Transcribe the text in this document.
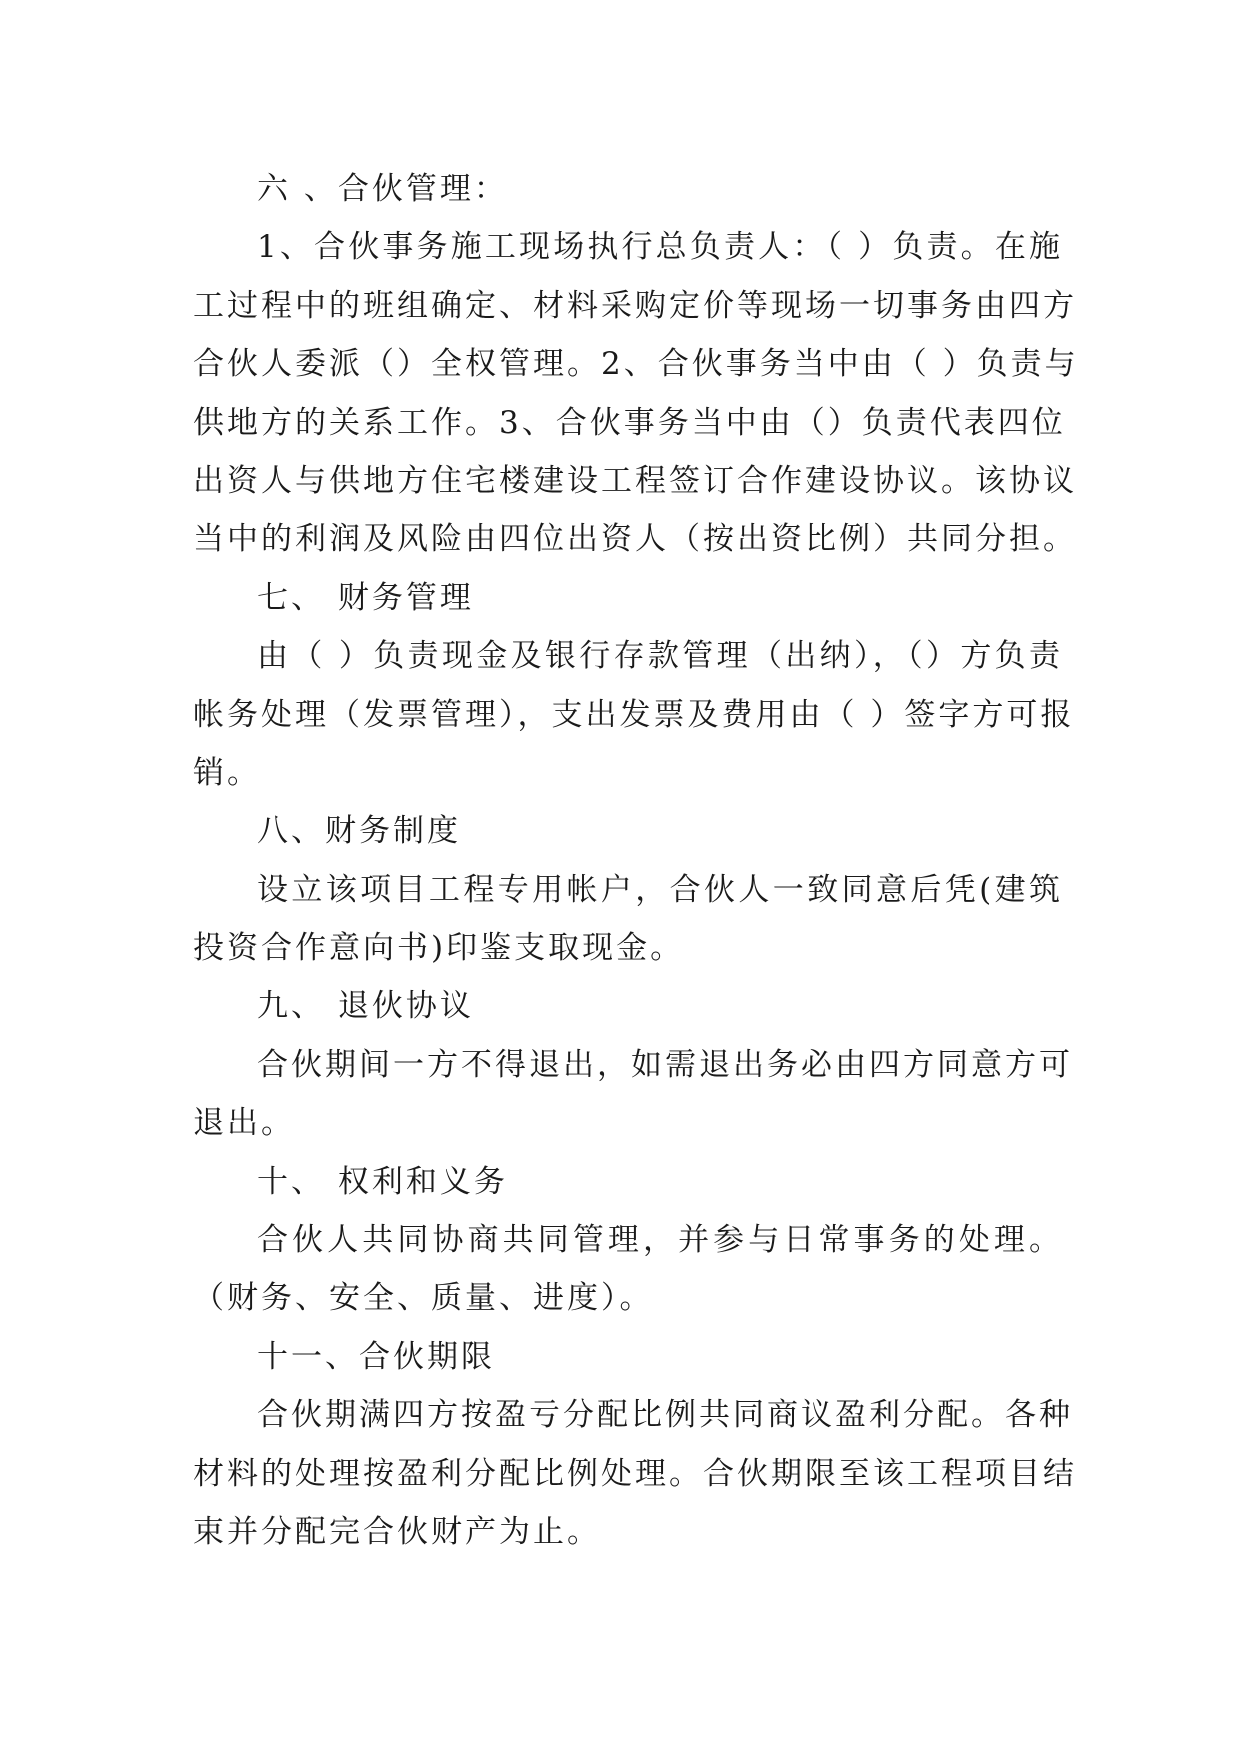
六 、合伙管理：
1、合伙事务施工现场执行总负责人：（ ）负责。在施
工过程中的班组确定、材料采购定价等现场一切事务由四方
合伙人委派（）全权管理。2、合伙事务当中由（ ）负责与
供地方的关系工作。3、合伙事务当中由（）负责代表四位
出资人与供地方住宅楼建设工程签订合作建设协议。该协议
当中的利润及风险由四位出资人（按出资比例）共同分担。
七、 财务管理
由（ ）负责现金及银行存款管理（出纳），（）方负责
帐务处理（发票管理），支出发票及费用由（ ）签字方可报
销。
八、财务制度
设立该项目工程专用帐户，合伙人一致同意后凭(建筑
投资合作意向书)印鉴支取现金。
九、 退伙协议
合伙期间一方不得退出，如需退出务必由四方同意方可
退出。
十、 权利和义务
合伙人共同协商共同管理，并参与日常事务的处理。
（财务、安全、质量、进度）。
十一、合伙期限
合伙期满四方按盈亏分配比例共同商议盈利分配。各种
材料的处理按盈利分配比例处理。合伙期限至该工程项目结
束并分配完合伙财产为止。
